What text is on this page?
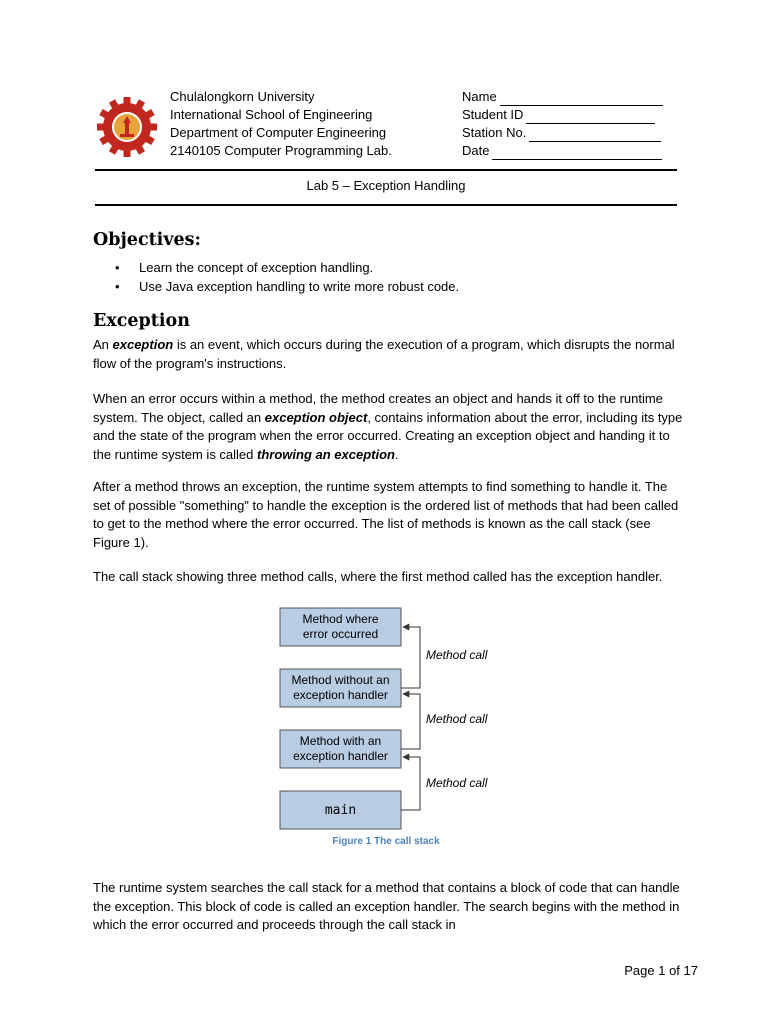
Chulalongkorn University
International School of Engineering
Department of Computer Engineering
2140105 Computer Programming Lab.
Name
Student ID
Station No.
Date
Lab 5 – Exception Handling
Objectives:
• Learn the concept of exception handling.
• Use Java exception handling to write more robust code.
Exception

An exception is an event, which occurs during the execution of a program, which disrupts the normal flow of the program's instructions.

When an error occurs within a method, the method creates an object and hands it off to the runtime system. The object, called an exception object, contains information about the error, including its type and the state of the program when the error occurred. Creating an exception object and handing it to the runtime system is called throwing an exception.

After a method throws an exception, the runtime system attempts to find something to handle it. The set of possible "something" to handle the exception is the ordered list of methods that had been called to get to the method where the error occurred. The list of methods is known as the call stack (see Figure 1).

The call stack showing three method calls, where the first method called has the exception handler.

Method where
error occurred
Method without an
exception handler
Method with an
exception handler
main
Method call
Method call
Method call
Figure 1 The call stack

The runtime system searches the call stack for a method that contains a block of code that can handle the exception. This block of code is called an exception handler. The search begins with the method in which the error occurred and proceeds through the call stack in

Page 1 of 17
